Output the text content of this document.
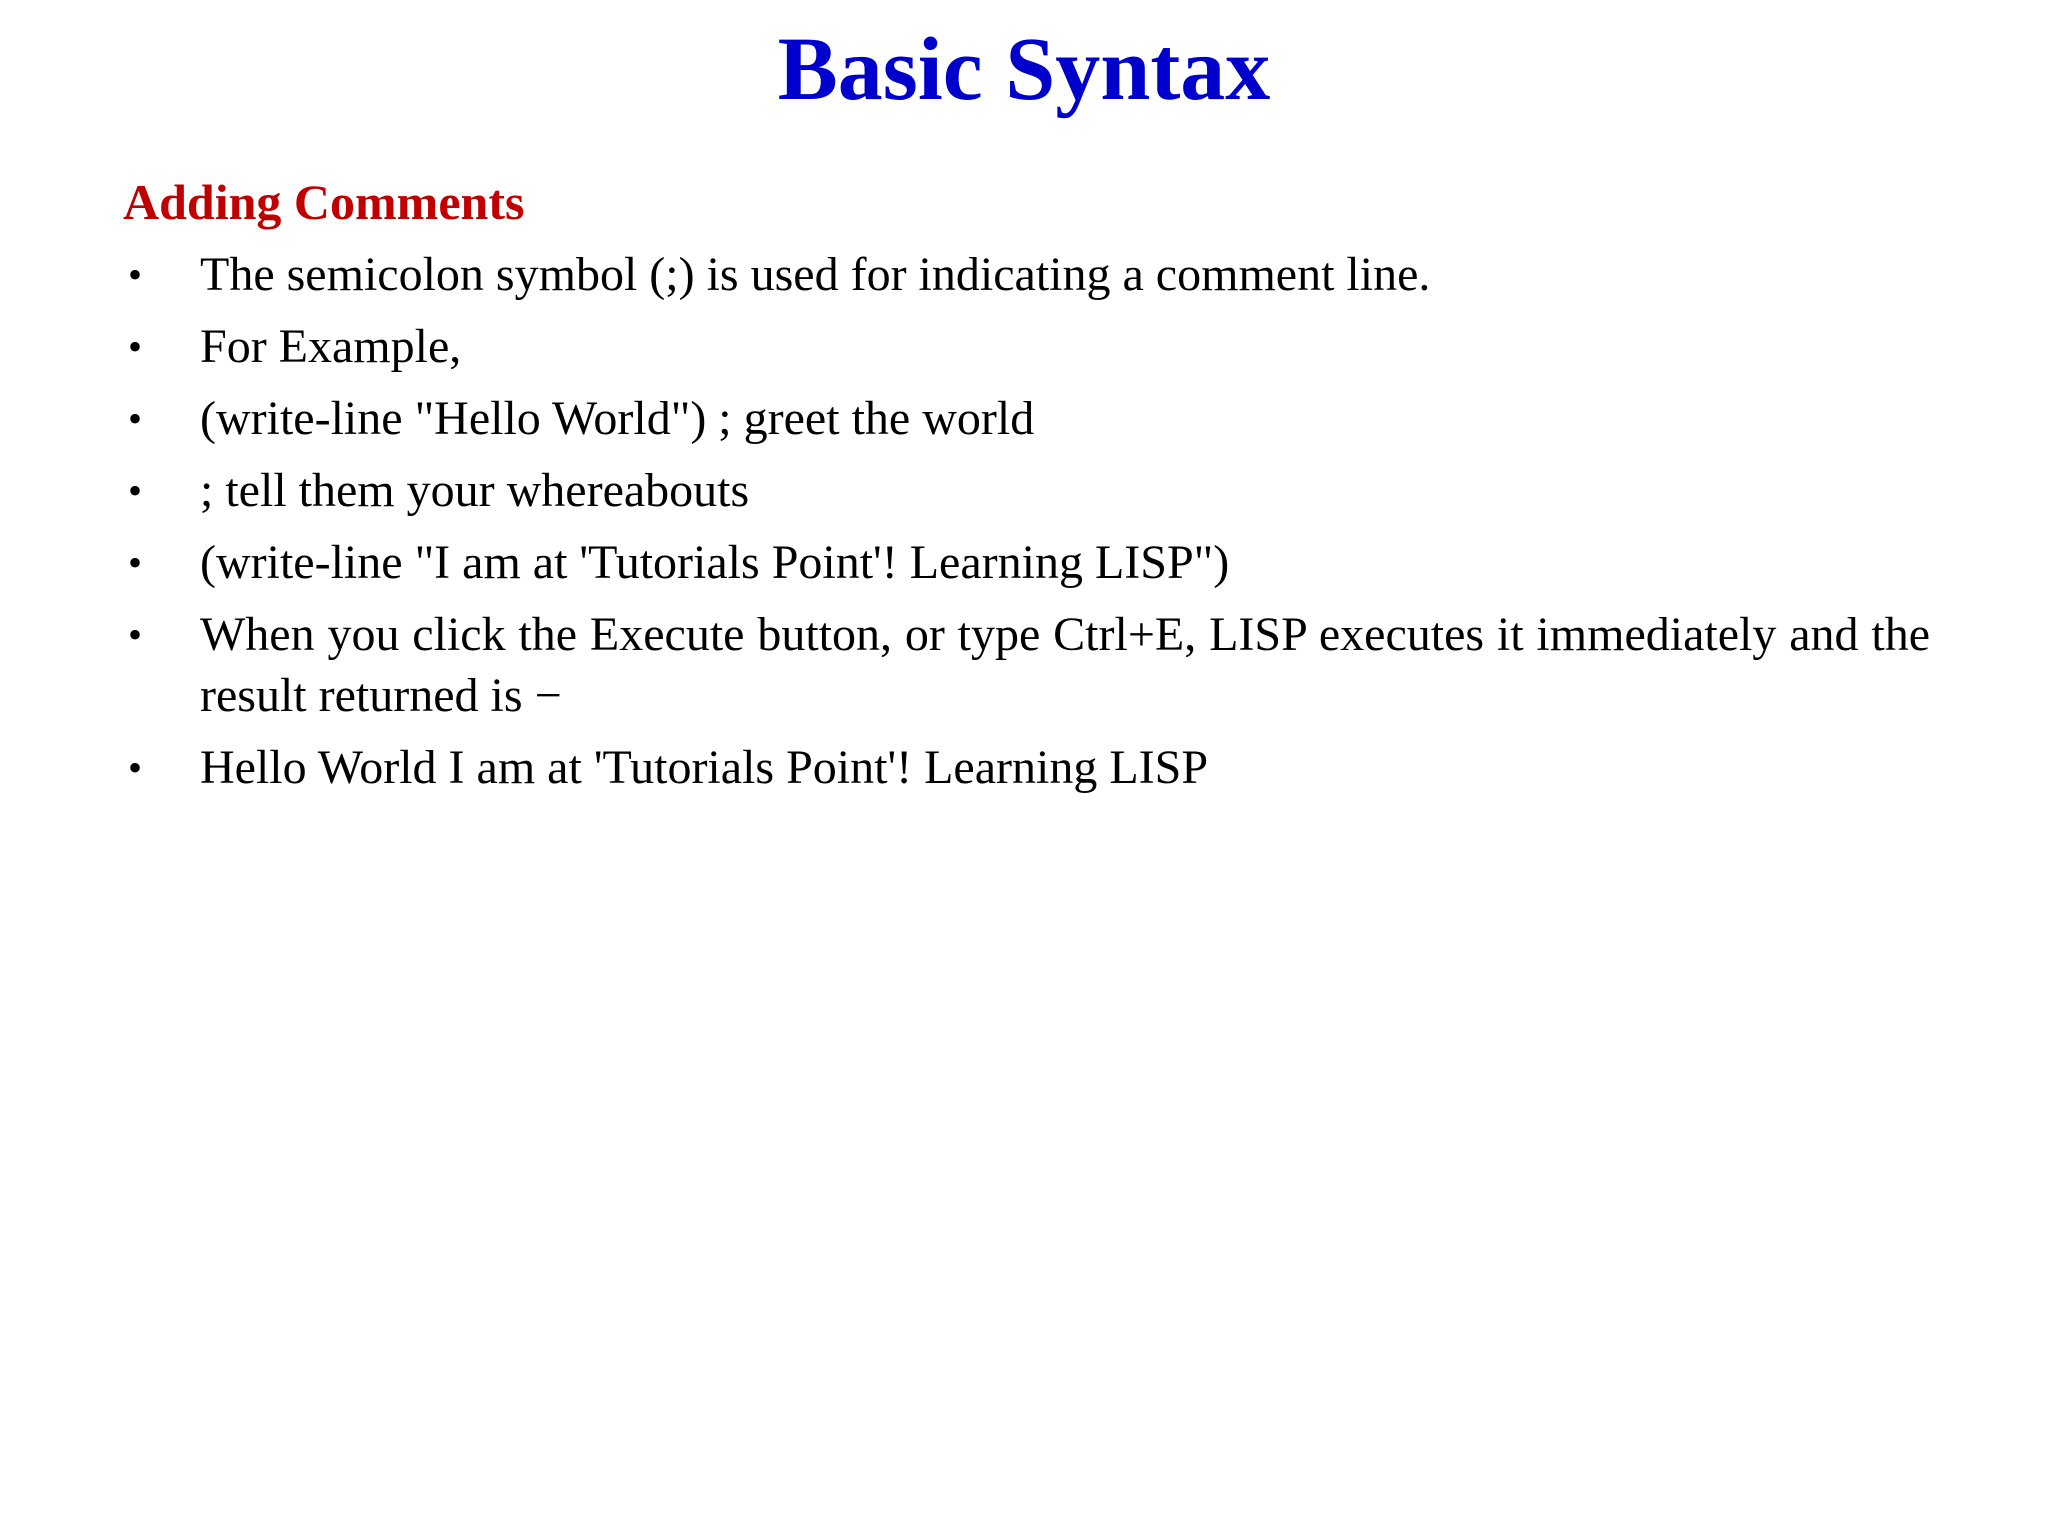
Basic Syntax
Adding Comments
• The semicolon symbol (;) is used for indicating a comment line.
• For Example,
• (write-line "Hello World") ; greet the world
• ; tell them your whereabouts
• (write-line "I am at 'Tutorials Point'! Learning LISP")
• When you click the Execute button, or type Ctrl+E, LISP executes it immediately and the result returned is −
• Hello World I am at 'Tutorials Point'! Learning LISP
